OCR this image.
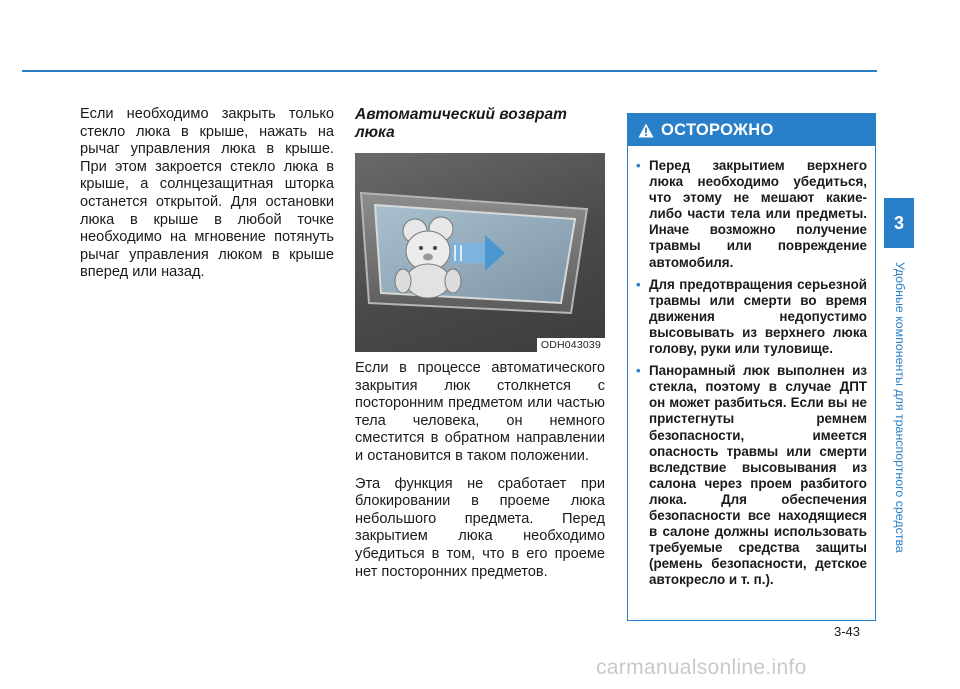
Если необходимо закрыть только стекло люка в крыше, нажать на рычаг управления люка в крыше. При этом закроется стекло люка в крыше, а солнцезащитная шторка останется открытой. Для остановки люка в крыше в любой точке необходимо на мгновение потянуть рычаг управления люком в крыше вперед или назад.
Автоматический возврат люка
ODH043039

Если в процессе автоматического закрытия люк столкнется с посторонним предметом или частью тела человека, он немного сместится в обратном направлении и остановится в таком положении.

Эта функция не сработает при блокировании в проеме люка небольшого предмета. Перед закрытием люка необходимо убедиться в том, что в его проеме нет посторонних предметов.

ОСТОРОЖНО
• Перед закрытием верхнего люка необходимо убедиться, что этому не мешают какие-либо части тела или предметы. Иначе возможно получение травмы или повреждение автомобиля.
• Для предотвращения серьезной травмы или смерти во время движения недопустимо высовывать из верхнего люка голову, руки или туловище.
• Панорамный люк выполнен из стекла, поэтому в случае ДПТ он может разбиться. Если вы не пристегнуты ремнем безопасности, имеется опасность травмы или смерти вследствие высовывания из салона через проем разбитого люка. Для обеспечения безопасности все находящиеся в салоне должны использовать требуемые средства защиты (ремень безопасности, детское автокресло и т. п.).
3
Удобные компоненты для транспортного средства
3-43
carmanualsonline.info
